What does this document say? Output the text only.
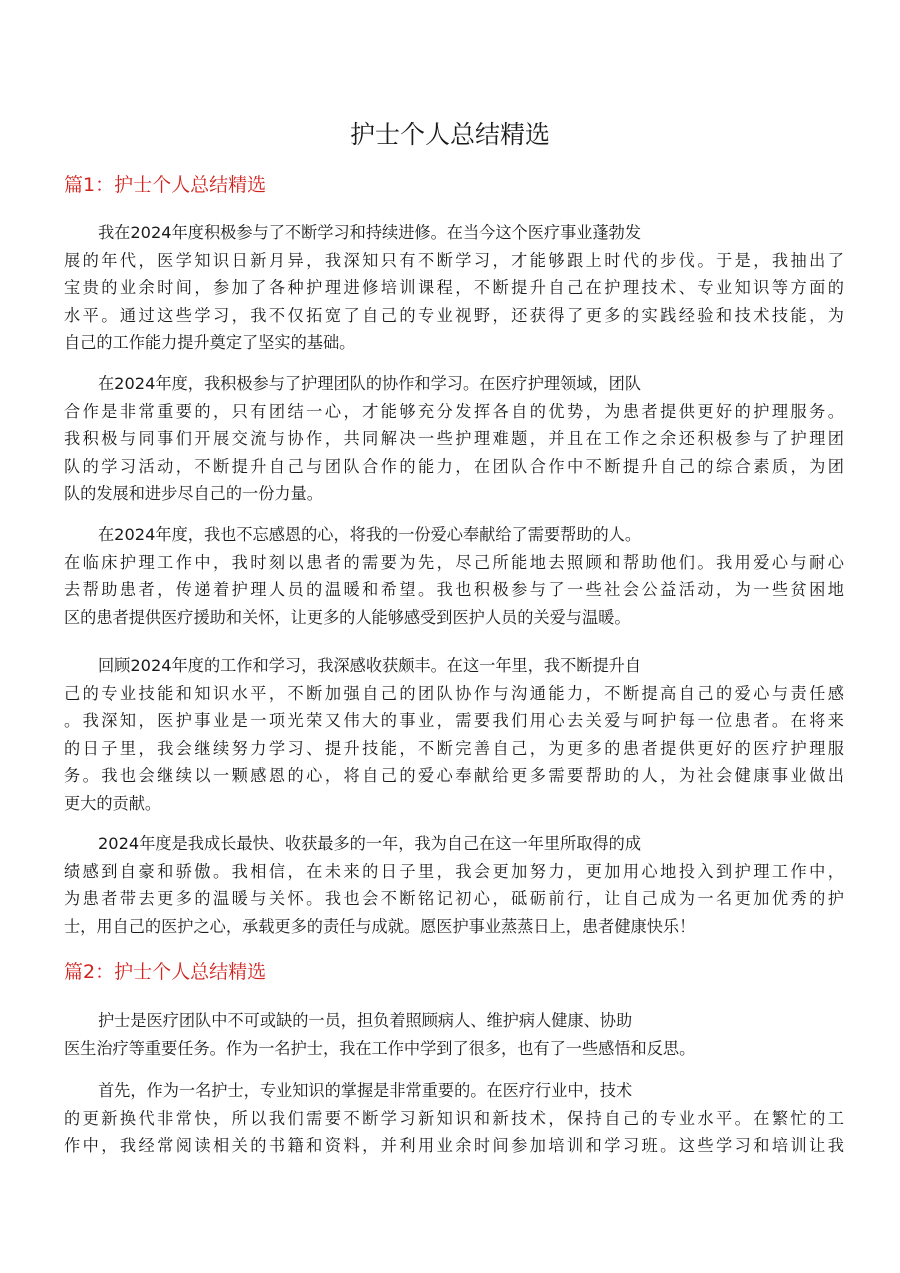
护士个人总结精选
篇1：护士个人总结精选

我在2024年度积极参与了不断学习和持续进修。在当今这个医疗事业蓬勃发
展的年代，医学知识日新月异，我深知只有不断学习，才能够跟上时代的步伐。于是，我抽出了
宝贵的业余时间，参加了各种护理进修培训课程，不断提升自己在护理技术、专业知识等方面的
水平。通过这些学习，我不仅拓宽了自己的专业视野，还获得了更多的实践经验和技术技能，为
自己的工作能力提升奠定了坚实的基础。

在2024年度，我积极参与了护理团队的协作和学习。在医疗护理领域，团队
合作是非常重要的，只有团结一心，才能够充分发挥各自的优势，为患者提供更好的护理服务。
我积极与同事们开展交流与协作，共同解决一些护理难题，并且在工作之余还积极参与了护理团
队的学习活动，不断提升自己与团队合作的能力，在团队合作中不断提升自己的综合素质，为团
队的发展和进步尽自己的一份力量。

在2024年度，我也不忘感恩的心，将我的一份爱心奉献给了需要帮助的人。
在临床护理工作中，我时刻以患者的需要为先，尽己所能地去照顾和帮助他们。我用爱心与耐心
去帮助患者，传递着护理人员的温暖和希望。我也积极参与了一些社会公益活动，为一些贫困地
区的患者提供医疗援助和关怀，让更多的人能够感受到医护人员的关爱与温暖。

回顾2024年度的工作和学习，我深感收获颇丰。在这一年里，我不断提升自
己的专业技能和知识水平，不断加强自己的团队协作与沟通能力，不断提高自己的爱心与责任感
。我深知，医护事业是一项光荣又伟大的事业，需要我们用心去关爱与呵护每一位患者。在将来
的日子里，我会继续努力学习、提升技能，不断完善自己，为更多的患者提供更好的医疗护理服
务。我也会继续以一颗感恩的心，将自己的爱心奉献给更多需要帮助的人，为社会健康事业做出
更大的贡献。

2024年度是我成长最快、收获最多的一年，我为自己在这一年里所取得的成
绩感到自豪和骄傲。我相信，在未来的日子里，我会更加努力，更加用心地投入到护理工作中，
为患者带去更多的温暖与关怀。我也会不断铭记初心，砥砺前行，让自己成为一名更加优秀的护
士，用自己的医护之心，承载更多的责任与成就。愿医护事业蒸蒸日上，患者健康快乐！

篇2：护士个人总结精选

护士是医疗团队中不可或缺的一员，担负着照顾病人、维护病人健康、协助
医生治疗等重要任务。作为一名护士，我在工作中学到了很多，也有了一些感悟和反思。

首先，作为一名护士，专业知识的掌握是非常重要的。在医疗行业中，技术
的更新换代非常快，所以我们需要不断学习新知识和新技术，保持自己的专业水平。在繁忙的工
作中，我经常阅读相关的书籍和资料，并利用业余时间参加培训和学习班。这些学习和培训让我
